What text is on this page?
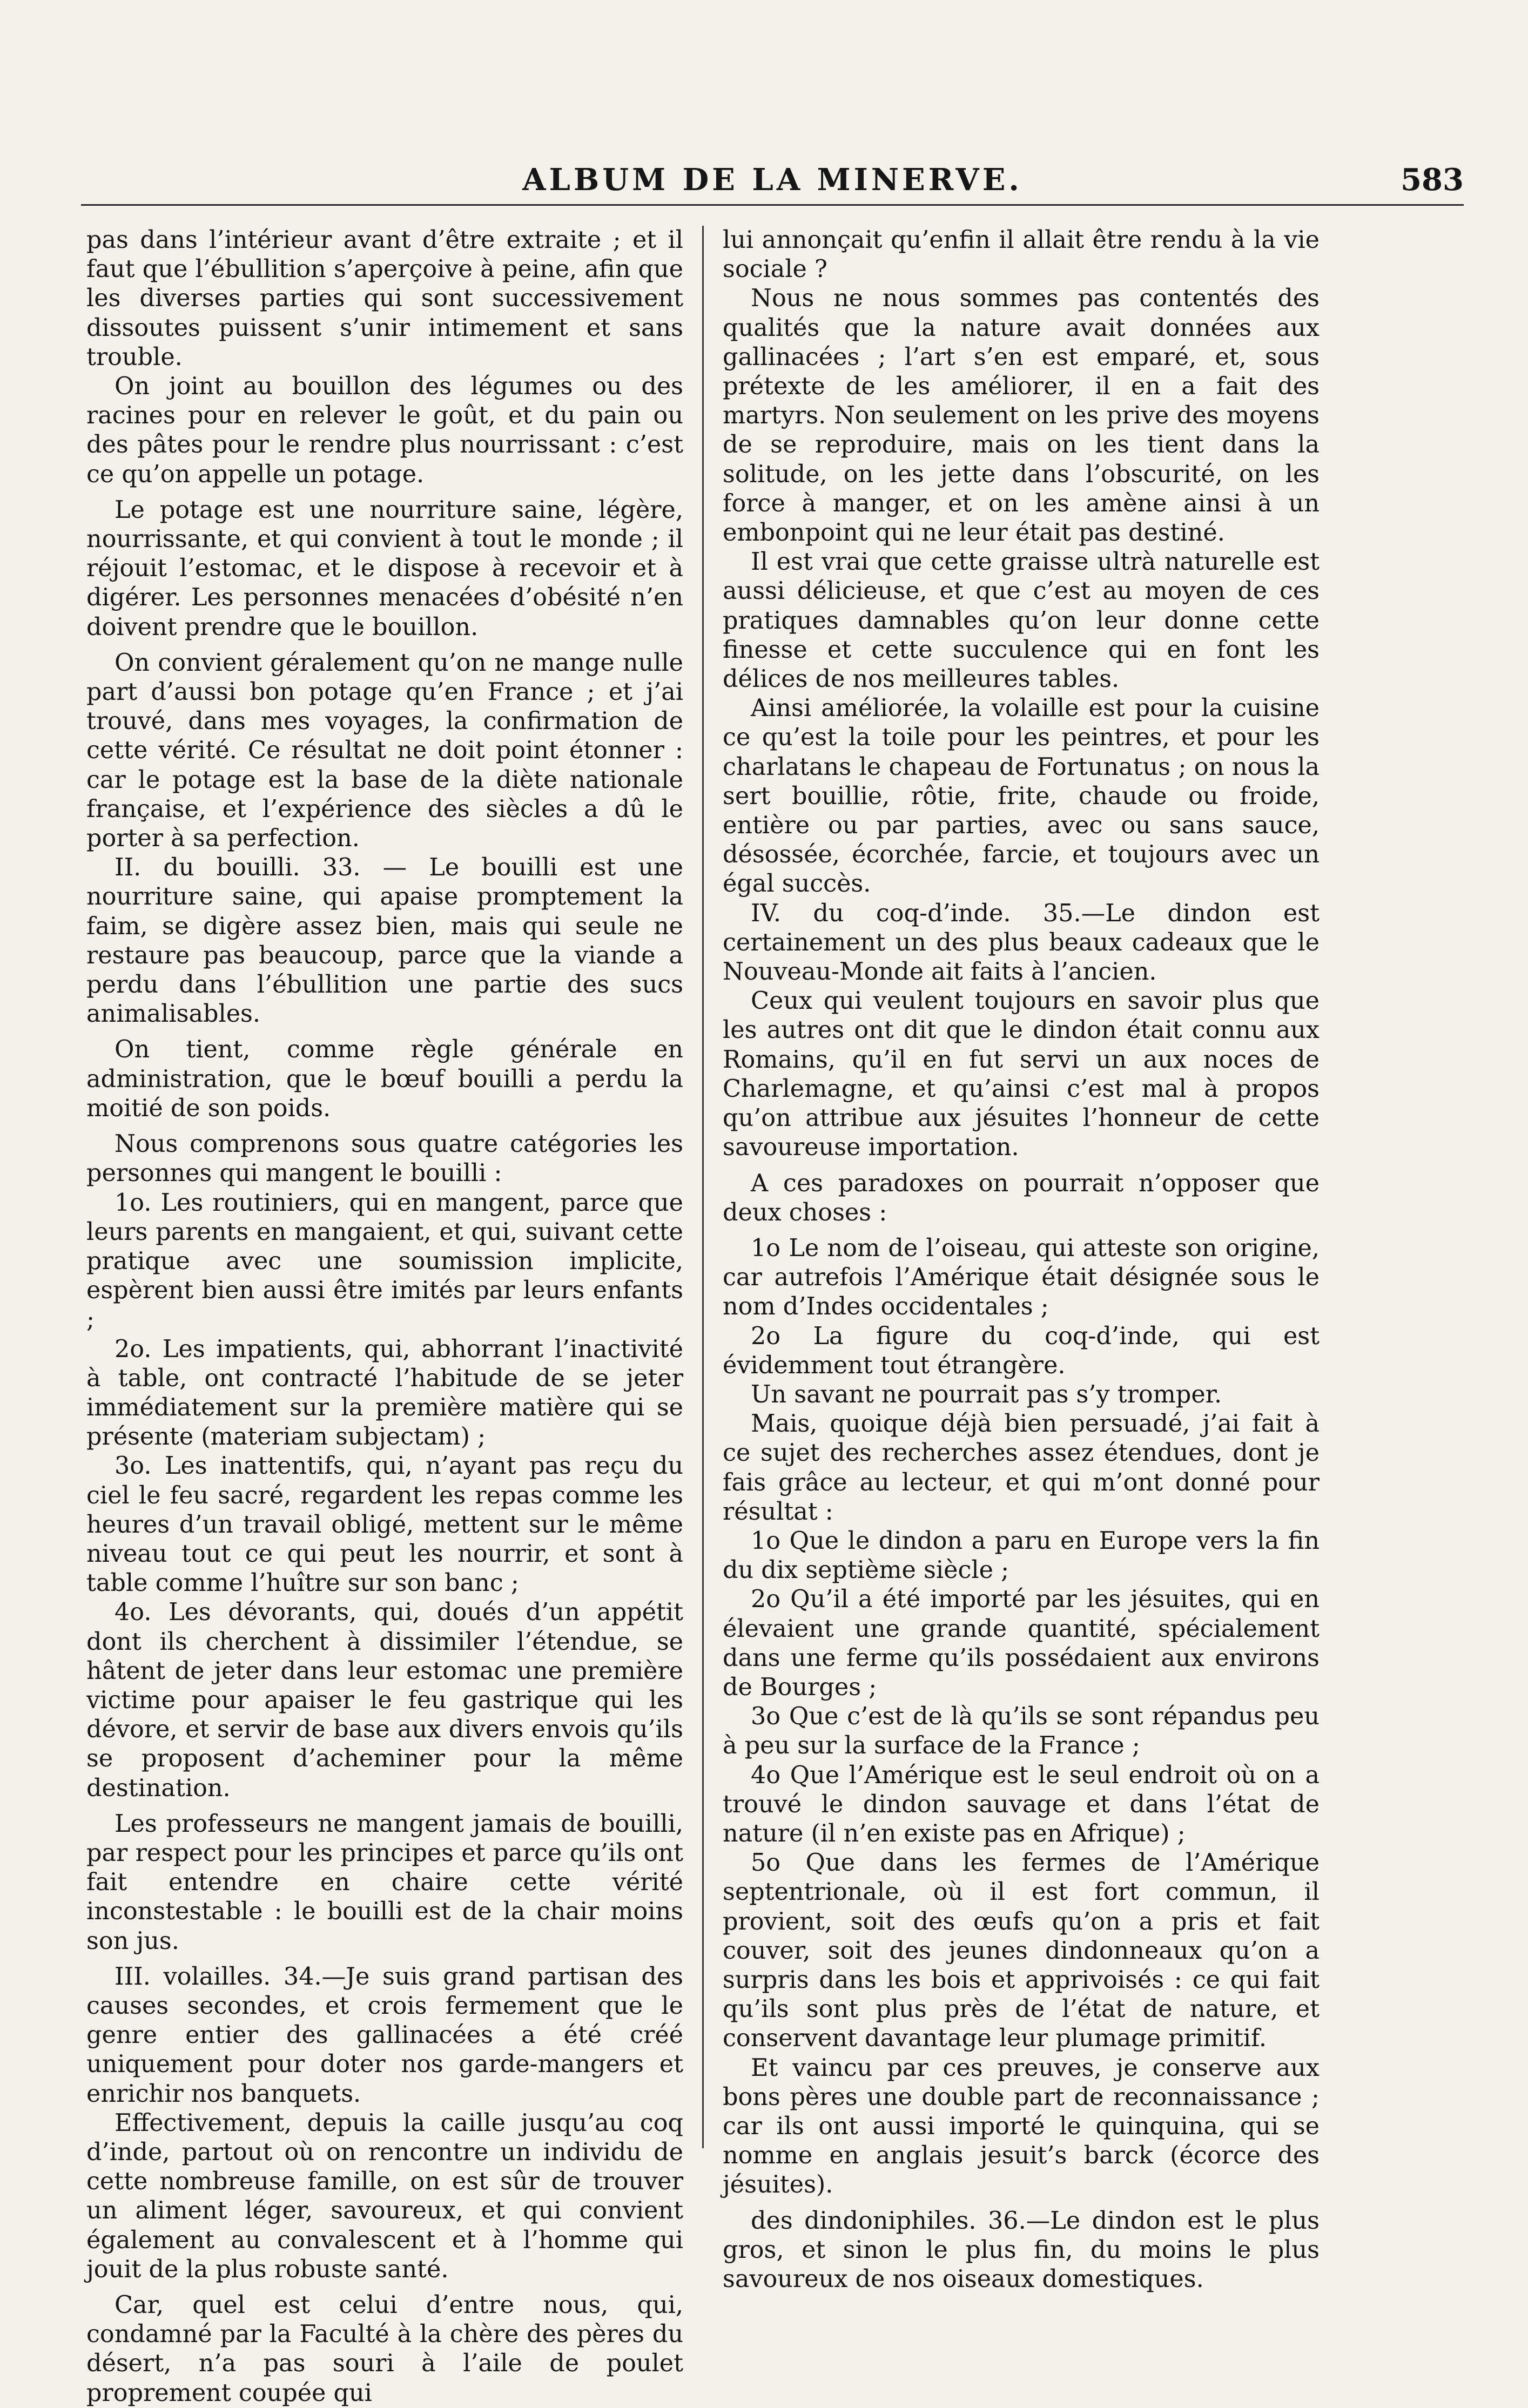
ALBUM DE LA MINERVE.	583

pas dans l’intérieur avant d’être extraite ; et il faut que l’ébullition s’aperçoive à peine, afin que les diverses parties qui sont successivement dissoutes puissent s’unir intimement et sans trouble.

On joint au bouillon des légumes ou des racines pour en relever le goût, et du pain ou des pâtes pour le rendre plus nourrissant : c’est ce qu’on appelle un potage.

Le potage est une nourriture saine, légère, nourrissante, et qui convient à tout le monde ; il réjouit l’estomac, et le dispose à recevoir et à digérer. Les personnes menacées d’obésité n’en doivent prendre que le bouillon.

On convient géralement qu’on ne mange nulle part d’aussi bon potage qu’en France ; et j’ai trouvé, dans mes voyages, la confirmation de cette vérité. Ce résultat ne doit point étonner : car le potage est la base de la diète nationale française, et l’expérience des siècles a dû le porter à sa perfection.

II. du bouilli. 33. — Le bouilli est une nourriture saine, qui apaise promptement la faim, se digère assez bien, mais qui seule ne restaure pas beaucoup, parce que la viande a perdu dans l’ébullition une partie des sucs animalisables.

On tient, comme règle générale en administration, que le bœuf bouilli a perdu la moitié de son poids.

Nous comprenons sous quatre catégories les personnes qui mangent le bouilli :

1o. Les routiniers, qui en mangent, parce que leurs parents en mangaient, et qui, suivant cette pratique avec une soumission implicite, espèrent bien aussi être imités par leurs enfants ;

2o. Les impatients, qui, abhorrant l’inactivité à table, ont contracté l’habitude de se jeter immédiatement sur la première matière qui se présente (materiam subjectam) ;

3o. Les inattentifs, qui, n’ayant pas reçu du ciel le feu sacré, regardent les repas comme les heures d’un travail obligé, mettent sur le même niveau tout ce qui peut les nourrir, et sont à table comme l’huître sur son banc ;

4o. Les dévorants, qui, doués d’un appétit dont ils cherchent à dissimiler l’étendue, se hâtent de jeter dans leur estomac une première victime pour apaiser le feu gastrique qui les dévore, et servir de base aux divers envois qu’ils se proposent d’acheminer pour la même destination.

Les professeurs ne mangent jamais de bouilli, par respect pour les principes et parce qu’ils ont fait entendre en chaire cette vérité inconstestable : le bouilli est de la chair moins son jus.

III. volailles. 34.—Je suis grand partisan des causes secondes, et crois fermement que le genre entier des gallinacées a été créé uniquement pour doter nos garde-mangers et enrichir nos banquets.

Effectivement, depuis la caille jusqu’au coq d’inde, partout où on rencontre un individu de cette nombreuse famille, on est sûr de trouver un aliment léger, savoureux, et qui convient également au convalescent et à l’homme qui jouit de la plus robuste santé.

Car, quel est celui d’entre nous, qui, condamné par la Faculté à la chère des pères du désert, n’a pas souri à l’aile de poulet proprement coupée qui

lui annonçait qu’enfin il allait être rendu à la vie sociale ?

Nous ne nous sommes pas contentés des qualités que la nature avait données aux gallinacées ; l’art s’en est emparé, et, sous prétexte de les améliorer, il en a fait des martyrs. Non seulement on les prive des moyens de se reproduire, mais on les tient dans la solitude, on les jette dans l’obscurité, on les force à manger, et on les amène ainsi à un embonpoint qui ne leur était pas destiné.

Il est vrai que cette graisse ultrà naturelle est aussi délicieuse, et que c’est au moyen de ces pratiques damnables qu’on leur donne cette finesse et cette succulence qui en font les délices de nos meilleures tables.

Ainsi améliorée, la volaille est pour la cuisine ce qu’est la toile pour les peintres, et pour les charlatans le chapeau de Fortunatus ; on nous la sert bouillie, rôtie, frite, chaude ou froide, entière ou par parties, avec ou sans sauce, désossée, écorchée, farcie, et toujours avec un égal succès.

IV. du coq-d’inde. 35.—Le dindon est certainement un des plus beaux cadeaux que le Nouveau-Monde ait faits à l’ancien.

Ceux qui veulent toujours en savoir plus que les autres ont dit que le dindon était connu aux Romains, qu’il en fut servi un aux noces de Charlemagne, et qu’ainsi c’est mal à propos qu’on attribue aux jésuites l’honneur de cette savoureuse importation.

A ces paradoxes on pourrait n’opposer que deux choses :

1o Le nom de l’oiseau, qui atteste son origine, car autrefois l’Amérique était désignée sous le nom d’Indes occidentales ;

2o La figure du coq-d’inde, qui est évidemment tout étrangère.

Un savant ne pourrait pas s’y tromper.

Mais, quoique déjà bien persuadé, j’ai fait à ce sujet des recherches assez étendues, dont je fais grâce au lecteur, et qui m’ont donné pour résultat :

1o Que le dindon a paru en Europe vers la fin du dix septième siècle ;

2o Qu’il a été importé par les jésuites, qui en élevaient une grande quantité, spécialement dans une ferme qu’ils possédaient aux environs de Bourges ;

3o Que c’est de là qu’ils se sont répandus peu à peu sur la surface de la France ;

4o Que l’Amérique est le seul endroit où on a trouvé le dindon sauvage et dans l’état de nature (il n’en existe pas en Afrique) ;

5o Que dans les fermes de l’Amérique septentrionale, où il est fort commun, il provient, soit des œufs qu’on a pris et fait couver, soit des jeunes dindonneaux qu’on a surpris dans les bois et apprivoisés : ce qui fait qu’ils sont plus près de l’état de nature, et conservent davantage leur plumage primitif.

Et vaincu par ces preuves, je conserve aux bons pères une double part de reconnaissance ; car ils ont aussi importé le quinquina, qui se nomme en anglais jesuit’s barck (écorce des jésuites).

des dindoniphiles. 36.—Le dindon est le plus gros, et sinon le plus fin, du moins le plus savoureux de nos oiseaux domestiques.
